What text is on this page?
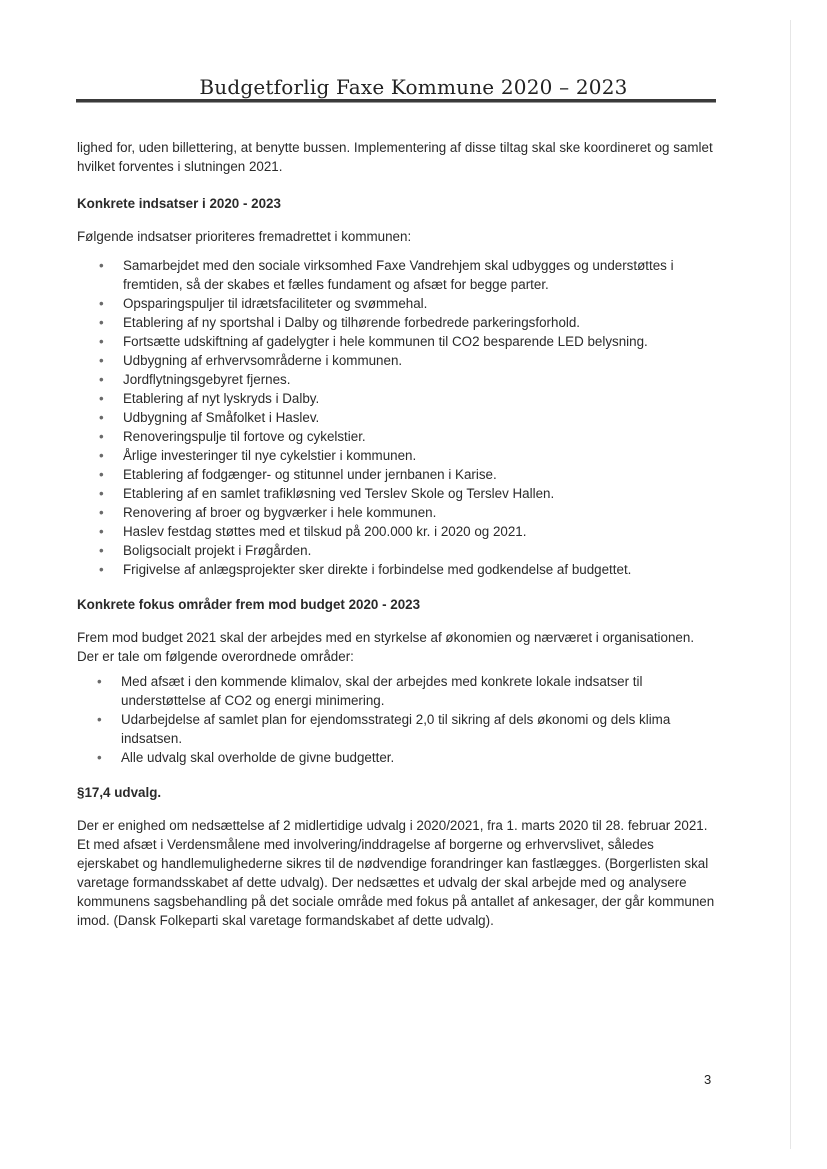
Budgetforlig Faxe Kommune 2020 – 2023

lighed for, uden billettering, at benytte bussen. Implementering af disse tiltag skal ske koordineret og samlet hvilket forventes i slutningen 2021.

Konkrete indsatser i 2020 - 2023

Følgende indsatser prioriteres fremadrettet i kommunen:

• Samarbejdet med den sociale virksomhed Faxe Vandrehjem skal udbygges og understøttes i fremtiden, så der skabes et fælles fundament og afsæt for begge parter.
• Opsparingspuljer til idrætsfaciliteter og svømmehal.
• Etablering af ny sportshal i Dalby og tilhørende forbedrede parkeringsforhold.
• Fortsætte udskiftning af gadelygter i hele kommunen til CO2 besparende LED belysning.
• Udbygning af erhvervsområderne i kommunen.
• Jordflytningsgebyret fjernes.
• Etablering af nyt lyskryds i Dalby.
• Udbygning af Småfolket i Haslev.
• Renoveringspulje til fortove og cykelstier.
• Årlige investeringer til nye cykelstier i kommunen.
• Etablering af fodgænger- og stitunnel under jernbanen i Karise.
• Etablering af en samlet trafikløsning ved Terslev Skole og Terslev Hallen.
• Renovering af broer og bygværker i hele kommunen.
• Haslev festdag støttes med et tilskud på 200.000 kr. i 2020 og 2021.
• Boligsocialt projekt i Frøgården.
• Frigivelse af anlægsprojekter sker direkte i forbindelse med godkendelse af budgettet.
Konkrete fokus områder frem mod budget 2020 - 2023

Frem mod budget 2021 skal der arbejdes med en styrkelse af økonomien og nærværet i organisationen. Der er tale om følgende overordnede områder:

• Med afsæt i den kommende klimalov, skal der arbejdes med konkrete lokale indsatser til understøttelse af CO2 og energi minimering.
• Udarbejdelse af samlet plan for ejendomsstrategi 2,0 til sikring af dels økonomi og dels klima indsatsen.
• Alle udvalg skal overholde de givne budgetter.
§17,4 udvalg.

Der er enighed om nedsættelse af 2 midlertidige udvalg i 2020/2021, fra 1. marts 2020 til 28. februar 2021. Et med afsæt i Verdensmålene med involvering/inddragelse af borgerne og erhvervslivet, således ejerskabet og handlemulighederne sikres til de nødvendige forandringer kan fastlægges. (Borgerlisten skal varetage formandsskabet af dette udvalg). Der nedsættes et udvalg der skal arbejde med og analysere kommunens sagsbehandling på det sociale område med fokus på antallet af ankesager, der går kommunen imod. (Dansk Folkeparti skal varetage formandskabet af dette udvalg).

3
